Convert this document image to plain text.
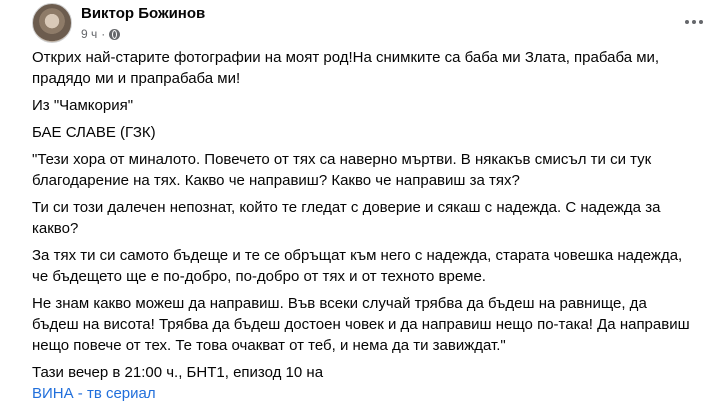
Виктор Божинов
9 ч ·

Открих най-старите фотографии на моят род!На снимките са баба ми Злата, прабаба ми, прадядо ми и прапрабаба ми!

Из "Чамкория"

БАЕ СЛАВЕ (ГЗК)

"Тези хора от миналото. Повечето от тях са наверно мъртви. В някакъв смисъл ти си тук благодарение на тях. Какво че направиш? Какво че направиш за тях?

Ти си този далечен непознат, който те гледат с доверие и сякаш с надежда. С надежда за какво?

За тях ти си самото бъдеще и те се обръщат към него с надежда, старата човешка надежда, че бъдещето ще е по-добро, по-добро от тях и от техното време.

Не знам какво можеш да направиш. Във всеки случай трябва да бъдеш на равнище, да бъдеш на висота! Трябва да бъдеш достоен човек и да направиш нещо по-така! Да направиш нещо повече от тех. Те това очакват от теб, и нема да ти завиждат."

Тази вечер в 21:00 ч., БНТ1, епизод 10 на

ВИНА - тв сериал
